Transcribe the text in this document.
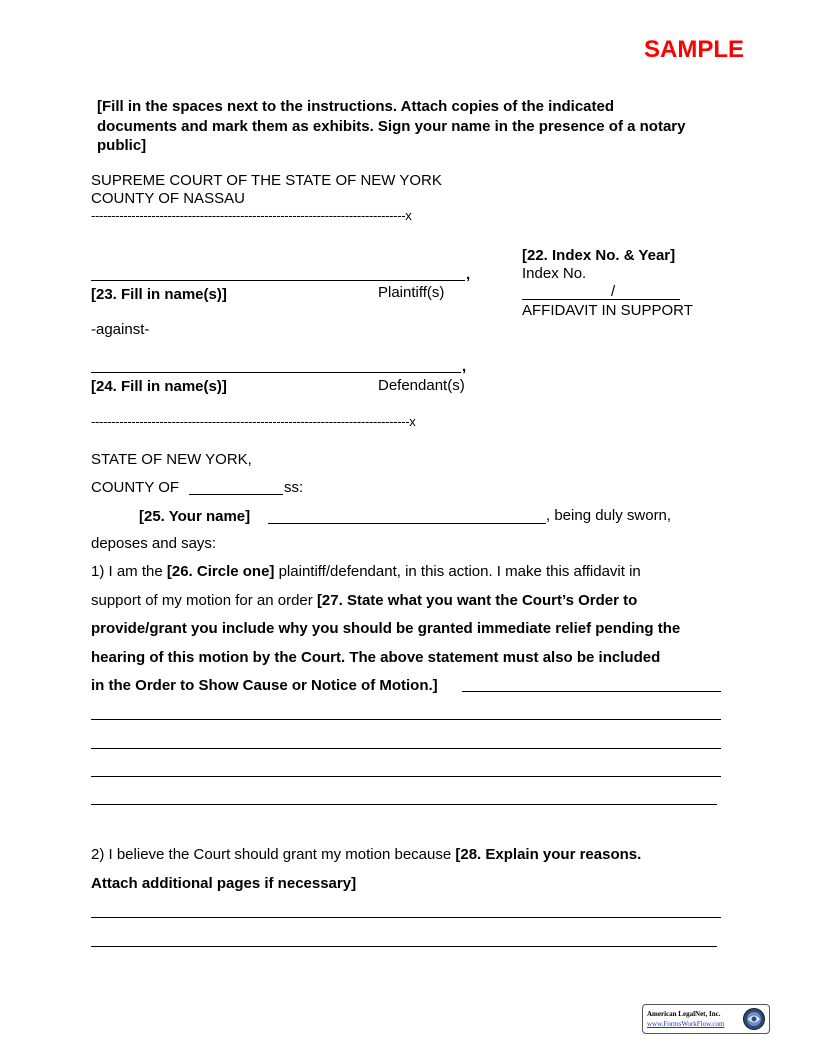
SAMPLE
[Fill in the spaces next to the instructions. Attach copies of the indicated documents and mark them as exhibits. Sign your name in the presence of a notary public]
SUPREME COURT OF THE STATE OF NEW YORK
COUNTY OF NASSAU
------------------------------------------------------------------------------x
,
[23. Fill in name(s)]	Plaintiff(s)
[22. Index No. & Year]
Index No.
/
AFFIDAVIT IN SUPPORT
-against-
,
[24. Fill in name(s)]	Defendant(s)
-------------------------------------------------------------------------------x
STATE OF NEW YORK,
COUNTY OF	ss:
[25. Your name]	, being duly sworn,
deposes and says:
1) I am the [26. Circle one] plaintiff/defendant, in this action. I make this affidavit in
support of my motion for an order [27. State what you want the Court’s Order to
provide/grant you include why you should be granted immediate relief pending the
hearing of this motion by the Court. The above statement must also be included
in the Order to Show Cause or Notice of Motion.]
2) I believe the Court should grant my motion because [28. Explain your reasons.
Attach additional pages if necessary]
American LegalNet, Inc.
www.FormsWorkFlow.com
